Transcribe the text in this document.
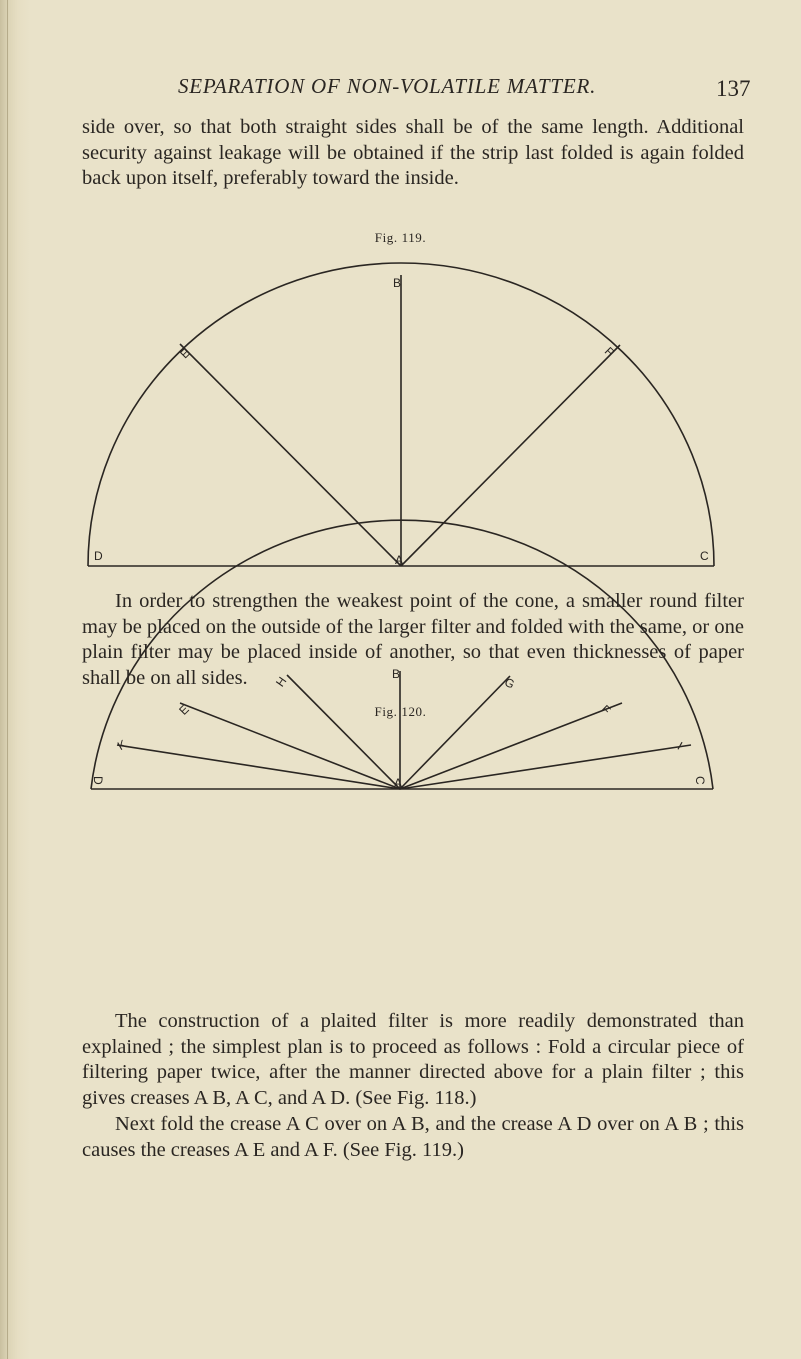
SEPARATION OF NON-VOLATILE MATTER.	137

side over, so that both straight sides shall be of the same length. Additional security against leakage will be obtained if the strip last folded is again folded back upon itself, preferably toward the inside.

Fig. 119.
B
E	F
D	A	C

In order to strengthen the weakest point of the cone, a smaller round filter may be placed on the outside of the larger filter and folded with the same, or one plain filter may be placed inside of another, so that even thicknesses of paper shall be on all sides.

Fig. 120.
B
H	G
E	F
K	I
D	A	C

The construction of a plaited filter is more readily demonstrated than explained ; the simplest plan is to proceed as follows : Fold a circular piece of filtering paper twice, after the manner directed above for a plain filter ; this gives creases A B, A C, and A D. (See Fig. 118.)

Next fold the crease A C over on A B, and the crease A D over on A B ; this causes the creases A E and A F. (See Fig. 119.)
